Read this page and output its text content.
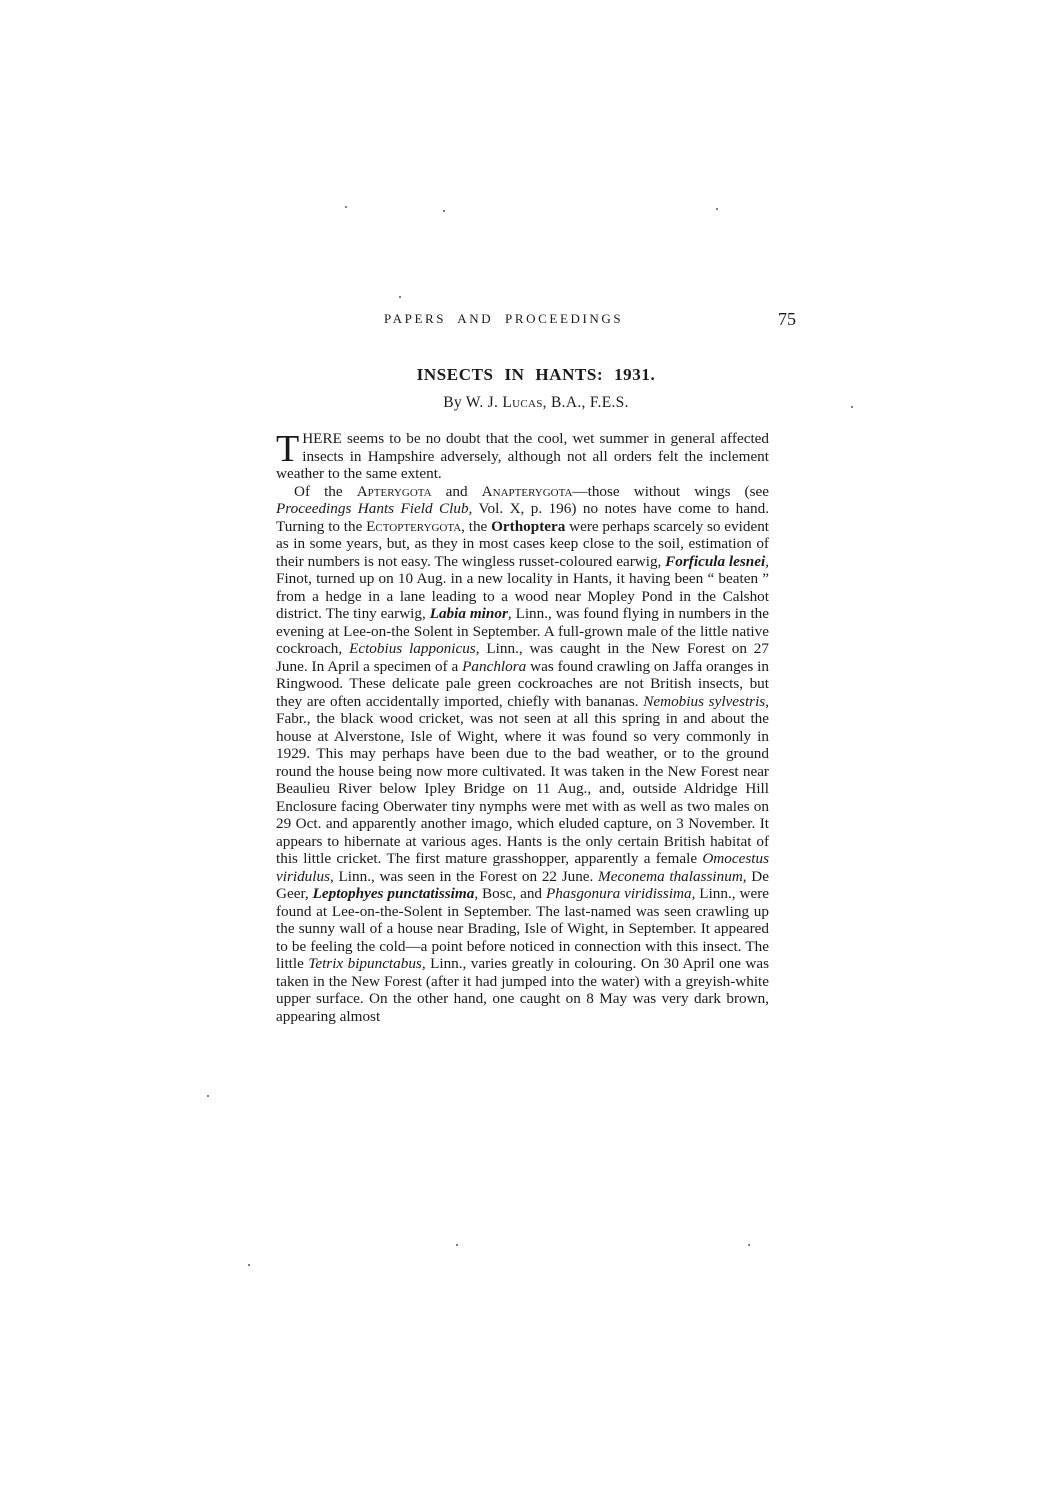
PAPERS AND PROCEEDINGS	75
INSECTS IN HANTS: 1931.
By W. J. Lucas, B.A., F.E.S.

THERE seems to be no doubt that the cool, wet summer in general affected insects in Hampshire adversely, although not all orders felt the inclement weather to the same extent.

Of the Apterygota and Anapterygota—those without wings (see Proceedings Hants Field Club, Vol. X, p. 196) no notes have come to hand. Turning to the Ectopterygota, the Orthoptera were perhaps scarcely so evident as in some years, but, as they in most cases keep close to the soil, estimation of their numbers is not easy. The wingless russet-coloured earwig, Forficula lesnei, Finot, turned up on 10 Aug. in a new locality in Hants, it having been “ beaten ” from a hedge in a lane leading to a wood near Mopley Pond in the Calshot district. The tiny earwig, Labia minor, Linn., was found flying in numbers in the evening at Lee-on-the Solent in September. A full-grown male of the little native cockroach, Ectobius lapponicus, Linn., was caught in the New Forest on 27 June. In April a specimen of a Panchlora was found crawling on Jaffa oranges in Ringwood. These delicate pale green cockroaches are not British insects, but they are often accidentally imported, chiefly with bananas. Nemobius sylvestris, Fabr., the black wood cricket, was not seen at all this spring in and about the house at Alverstone, Isle of Wight, where it was found so very commonly in 1929. This may perhaps have been due to the bad weather, or to the ground round the house being now more cultivated. It was taken in the New Forest near Beaulieu River below Ipley Bridge on 11 Aug., and, outside Aldridge Hill Enclosure facing Oberwater tiny nymphs were met with as well as two males on 29 Oct. and apparently another imago, which eluded capture, on 3 November. It appears to hibernate at various ages. Hants is the only certain British habitat of this little cricket. The first mature grasshopper, apparently a female Omocestus viridulus, Linn., was seen in the Forest on 22 June. Meconema thalassinum, De Geer, Leptophyes punctatissima, Bosc, and Phasgonura viridissima, Linn., were found at Lee-on-the-Solent in September. The last-named was seen crawling up the sunny wall of a house near Brading, Isle of Wight, in September. It appeared to be feeling the cold—a point before noticed in connection with this insect. The little Tetrix bipunctabus, Linn., varies greatly in colouring. On 30 April one was taken in the New Forest (after it had jumped into the water) with a greyish-white upper surface. On the other hand, one caught on 8 May was very dark brown, appearing almost
